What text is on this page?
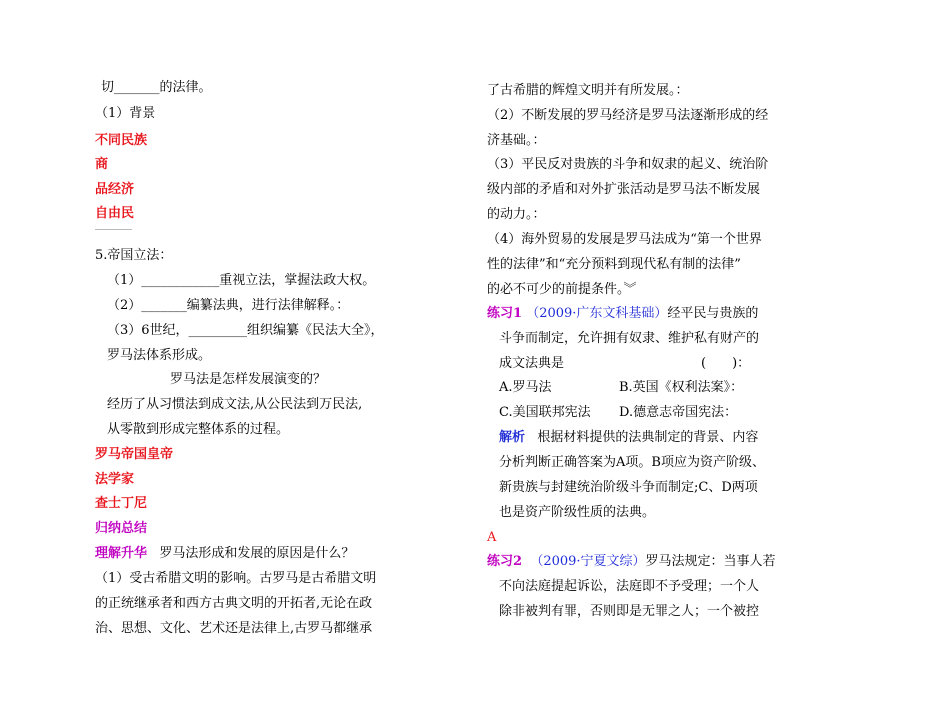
切_______的法律。
（1）背景
不同民族
商
品经济
自由民
5.帝国立法：
（1）____________重视立法，掌握法政大权。
（2）_______编纂法典，进行法律解释。：
（3）6世纪，_________组织编纂《民法大全》，
罗马法体系形成。
罗马法是怎样发展演变的？
经历了从习惯法到成文法,从公民法到万民法,
从零散到形成完整体系的过程。
罗马帝国皇帝
法学家
查士丁尼
归纳总结
理解升华 罗马法形成和发展的原因是什么？
（1）受古希腊文明的影响。古罗马是古希腊文明
的正统继承者和西方古典文明的开拓者,无论在政
治、思想、文化、艺术还是法律上,古罗马都继承
了古希腊的辉煌文明并有所发展。：
（2）不断发展的罗马经济是罗马法逐渐形成的经
济基础。：
（3）平民反对贵族的斗争和奴隶的起义、统治阶
级内部的矛盾和对外扩张活动是罗马法不断发展
的动力。：
（4）海外贸易的发展是罗马法成为“第一个世界
性的法律”和“充分预料到现代私有制的法律”
的必不可少的前提条件。︾
练习1 （2009·广东文科基础）经平民与贵族的
斗争而制定，允许拥有奴隶、维护私有财产的
成文法典是	(　　)：
A.罗马法	B.英国《权利法案》：
C.美国联邦宪法 D.德意志帝国宪法：
解析 根据材料提供的法典制定的背景、内容
分析判断正确答案为A项。B项应为资产阶级、
新贵族与封建统治阶级斗争而制定;C、D两项
也是资产阶级性质的法典。
A
练习2 （2009·宁夏文综）罗马法规定：当事人若
不向法庭提起诉讼，法庭即不予受理；一个人
除非被判有罪，否则即是无罪之人；一个被控
